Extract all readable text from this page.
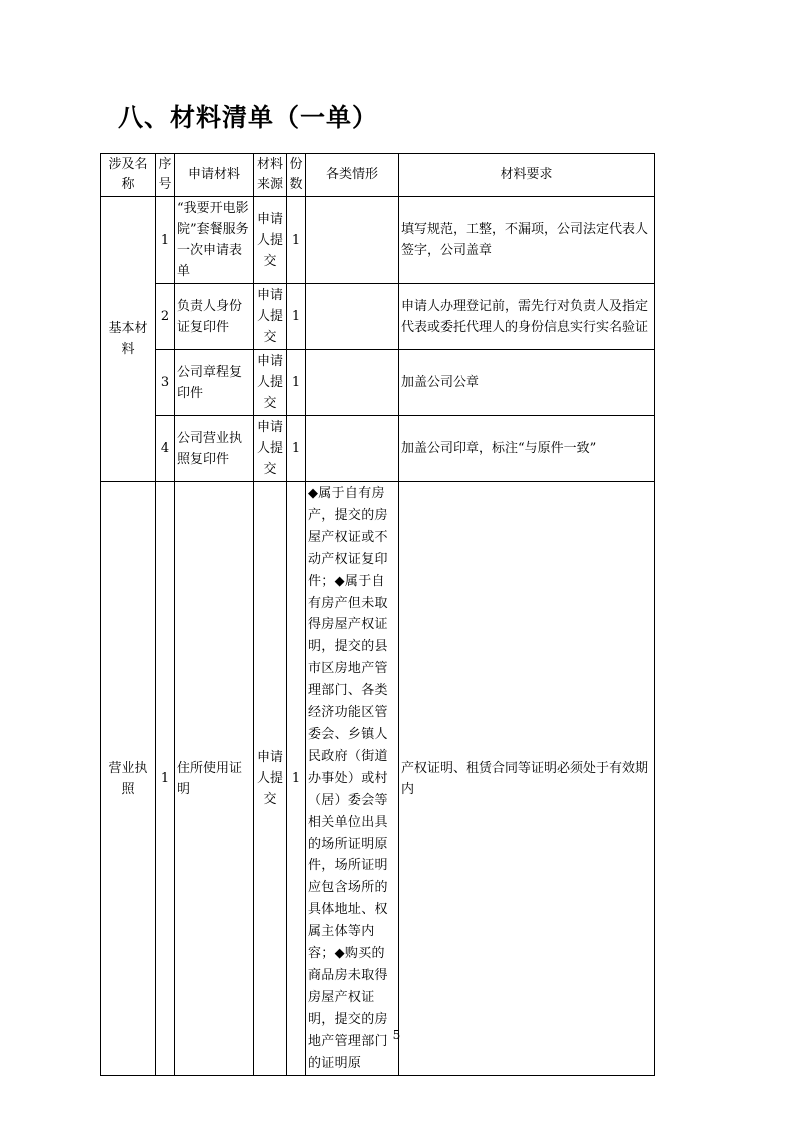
八、材料清单（一单）
涉及名称	序号	申请材料	材料来源	份数	各类情形	材料要求
基本材料	1	“我要开电影院”套餐服务一次申请表单	申请人提交	1		填写规范，工整，不漏项，公司法定代表人签字，公司盖章
	2	负责人身份证复印件	申请人提交	1		申请人办理登记前，需先行对负责人及指定代表或委托代理人的身份信息实行实名验证
	3	公司章程复印件	申请人提交	1		加盖公司公章
	4	公司营业执照复印件	申请人提交	1		加盖公司印章，标注“与原件一致”
营业执照	1	住所使用证明	申请人提交	1	◆属于自有房产，提交的房屋产权证或不动产权证复印件；◆属于自有房产但未取得房屋产权证明，提交的县市区房地产管理部门、各类经济功能区管委会、乡镇人民政府（街道办事处）或村（居）委会等相关单位出具的场所证明原件，场所证明应包含场所的具体地址、权属主体等内容；◆购买的商品房未取得房屋产权证明，提交的房地产管理部门的证明原	产权证明、租赁合同等证明必须处于有效期内
5
